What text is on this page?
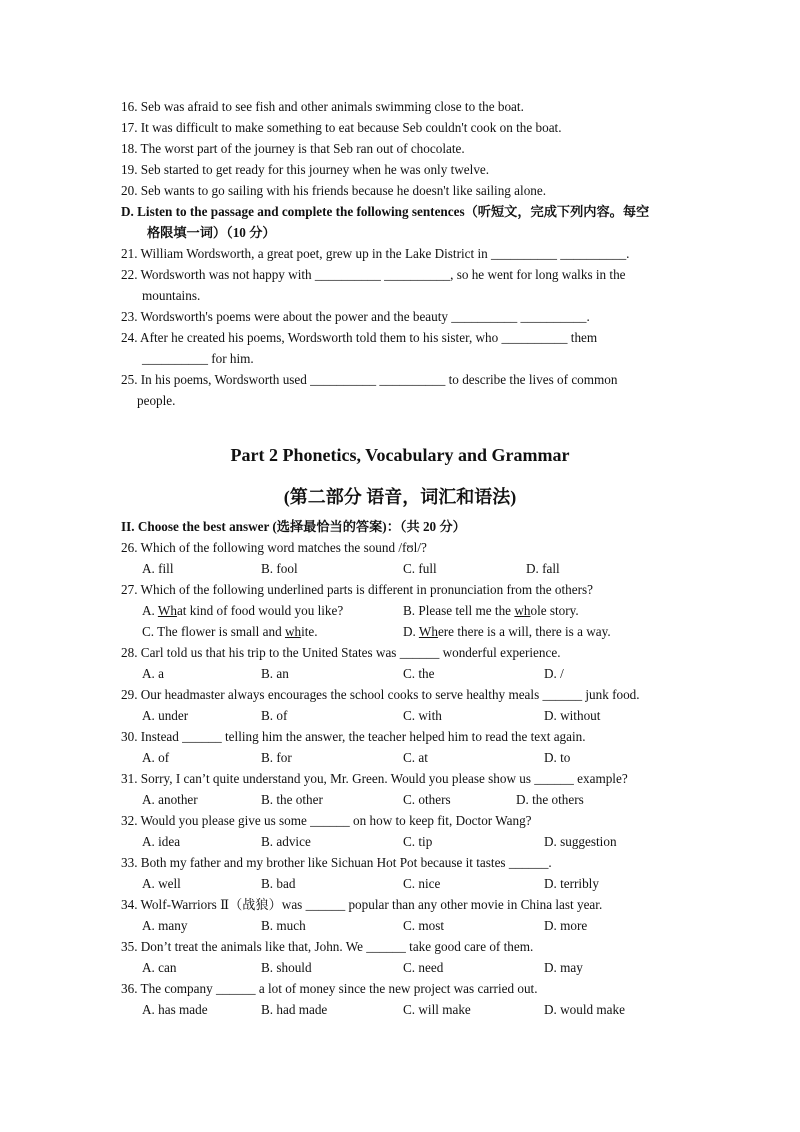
16. Seb was afraid to see fish and other animals swimming close to the boat.
17. It was difficult to make something to eat because Seb couldn't cook on the boat.
18. The worst part of the journey is that Seb ran out of chocolate.
19. Seb started to get ready for this journey when he was only twelve.
20. Seb wants to go sailing with his friends because he doesn't like sailing alone.
D. Listen to the passage and complete the following sentences（听短文，完成下列内容。每空
格限填一词）（10 分）
21. William Wordsworth, a great poet, grew up in the Lake District in __________ __________.
22. Wordsworth was not happy with __________ __________, so he went for long walks in the
mountains.
23. Wordsworth's poems were about the power and the beauty __________ __________.
24. After he created his poems, Wordsworth told them to his sister, who __________ them
__________ for him.
25. In his poems, Wordsworth used __________ __________ to describe the lives of common
people.
Part 2 Phonetics, Vocabulary and Grammar
(第二部分 语音，词汇和语法)
II. Choose the best answer (选择最恰当的答案)：（共 20 分）
26. Which of the following word matches the sound /fʊl/?
A. fill	B. fool	C. full	D. fall
27. Which of the following underlined parts is different in pronunciation from the others?
A. What kind of food would you like?	B. Please tell me the whole story.
C. The flower is small and white.	D. Where there is a will, there is a way.
28. Carl told us that his trip to the United States was ______ wonderful experience.
A. a	B. an	C. the	D. /
29. Our headmaster always encourages the school cooks to serve healthy meals ______ junk food.
A. under	B. of	C. with	D. without
30. Instead ______ telling him the answer, the teacher helped him to read the text again.
A. of	B. for	C. at	D. to
31. Sorry, I can’t quite understand you, Mr. Green. Would you please show us ______ example?
A. another	B. the other	C. others	D. the others
32. Would you please give us some ______ on how to keep fit, Doctor Wang?
A. idea	B. advice	C. tip	D. suggestion
33. Both my father and my brother like Sichuan Hot Pot because it tastes ______.
A. well	B. bad	C. nice	D. terribly
34. Wolf-Warriors Ⅱ（战狼）was ______ popular than any other movie in China last year.
A. many	B. much	C. most	D. more
35. Don’t treat the animals like that, John. We ______ take good care of them.
A. can	B. should	C. need	D. may
36. The company ______ a lot of money since the new project was carried out.
A. has made	B. had made	C. will make	D. would make
